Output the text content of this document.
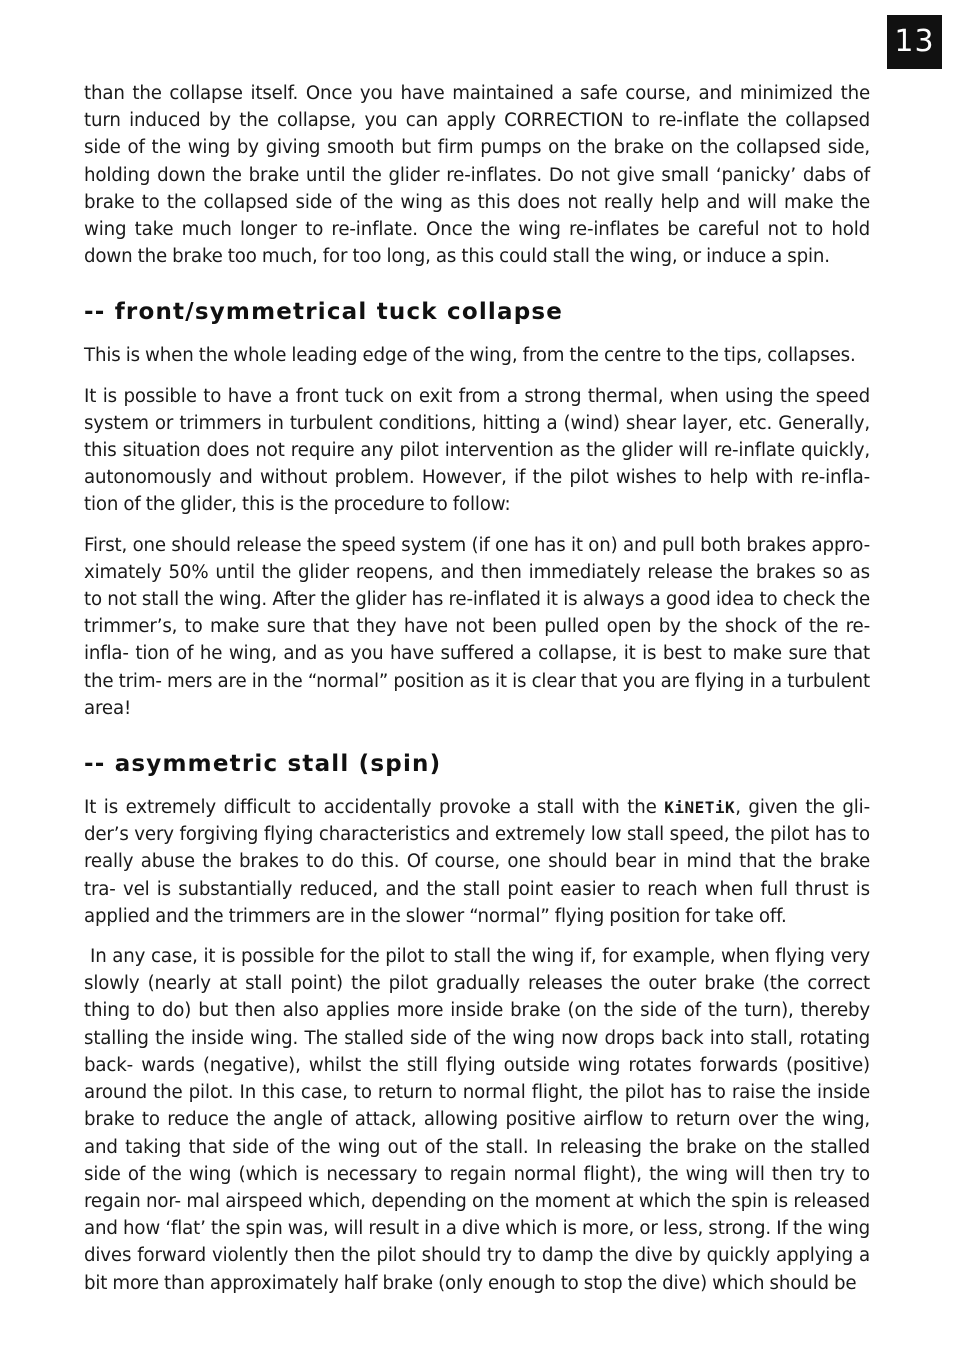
13

than the collapse itself. Once you have maintained a safe course, and minimized the turn induced by the collapse, you can apply CORRECTION to re-inflate the collapsed side of the wing by giving smooth but firm pumps on the brake on the collapsed side, holding down the brake until the glider re-inflates. Do not give small ‘panicky’ dabs of brake to the collapsed side of the wing as this does not really help and will make the wing take much longer to re-inflate. Once the wing re-inflates be careful not to hold down the brake too much, for too long, as this could stall the wing, or induce a spin.

-- front/symmetrical tuck collapse

This is when the whole leading edge of the wing, from the centre to the tips, collapses.

It is possible to have a front tuck on exit from a strong thermal, when using the speed system or trimmers in turbulent conditions, hitting a (wind) shear layer, etc. Generally, this situation does not require any pilot intervention as the glider will re-inflate quickly, autonomously and without problem. However, if the pilot wishes to help with re-infla- tion of the glider, this is the procedure to follow:

First, one should release the speed system (if one has it on) and pull both brakes appro- ximately 50% until the glider reopens, and then immediately release the brakes so as to not stall the wing. After the glider has re-inflated it is always a good idea to check the trimmer’s, to make sure that they have not been pulled open by the shock of the re-infla- tion of he wing, and as you have suffered a collapse, it is best to make sure that the trim- mers are in the “normal” position as it is clear that you are flying in a turbulent area!

-- asymmetric stall (spin)

It is extremely difficult to accidentally provoke a stall with the KiNETiK, given the gli- der’s very forgiving flying characteristics and extremely low stall speed, the pilot has to really abuse the brakes to do this. Of course, one should bear in mind that the brake tra- vel is substantially reduced, and the stall point easier to reach when full thrust is applied and the trimmers are in the slower “normal” flying position for take off.

In any case, it is possible for the pilot to stall the wing if, for example, when flying very slowly (nearly at stall point) the pilot gradually releases the outer brake (the correct thing to do) but then also applies more inside brake (on the side of the turn), thereby stalling the inside wing. The stalled side of the wing now drops back into stall, rotating back- wards (negative), whilst the still flying outside wing rotates forwards (positive) around the pilot. In this case, to return to normal flight, the pilot has to raise the inside brake to reduce the angle of attack, allowing positive airflow to return over the wing, and taking that side of the wing out of the stall. In releasing the brake on the stalled side of the wing (which is necessary to regain normal flight), the wing will then try to regain nor- mal airspeed which, depending on the moment at which the spin is released and how ‘flat’ the spin was, will result in a dive which is more, or less, strong. If the wing dives forward violently then the pilot should try to damp the dive by quickly applying a bit more than approximately half brake (only enough to stop the dive) which should be
